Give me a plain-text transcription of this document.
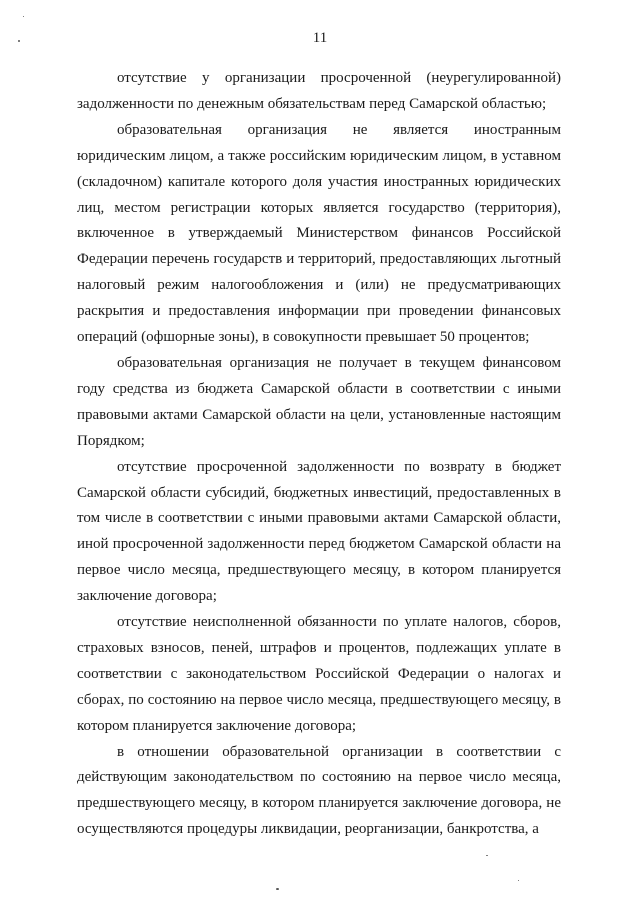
11

отсутствие у организации просроченной (неурегулированной) задолженности по денежным обязательствам перед Самарской областью;

образовательная организация не является иностранным юридическим лицом, а также российским юридическим лицом, в уставном (складочном) капитале которого доля участия иностранных юридических лиц, местом регистрации которых является государство (территория), включенное в утверждаемый Министерством финансов Российской Федерации перечень государств и территорий, предоставляющих льготный налоговый режим налогообложения и (или) не предусматривающих раскрытия и предоставления информации при проведении финансовых операций (офшорные зоны), в совокупности превышает 50 процентов;

образовательная организация не получает в текущем финансовом году средства из бюджета Самарской области в соответствии с иными правовыми актами Самарской области на цели, установленные настоящим Порядком;

отсутствие просроченной задолженности по возврату в бюджет Самарской области субсидий, бюджетных инвестиций, предоставленных в том числе в соответствии с иными правовыми актами Самарской области, иной просроченной задолженности перед бюджетом Самарской области на первое число месяца, предшествующего месяцу, в котором планируется заключение договора;

отсутствие неисполненной обязанности по уплате налогов, сборов, страховых взносов, пеней, штрафов и процентов, подлежащих уплате в соответствии с законодательством Российской Федерации о налогах и сборах, по состоянию на первое число месяца, предшествующего месяцу, в котором планируется заключение договора;

в отношении образовательной организации в соответствии с действующим законодательством по состоянию на первое число месяца, предшествующего месяцу, в котором планируется заключение договора, не осуществляются процедуры ликвидации, реорганизации, банкротства, а
